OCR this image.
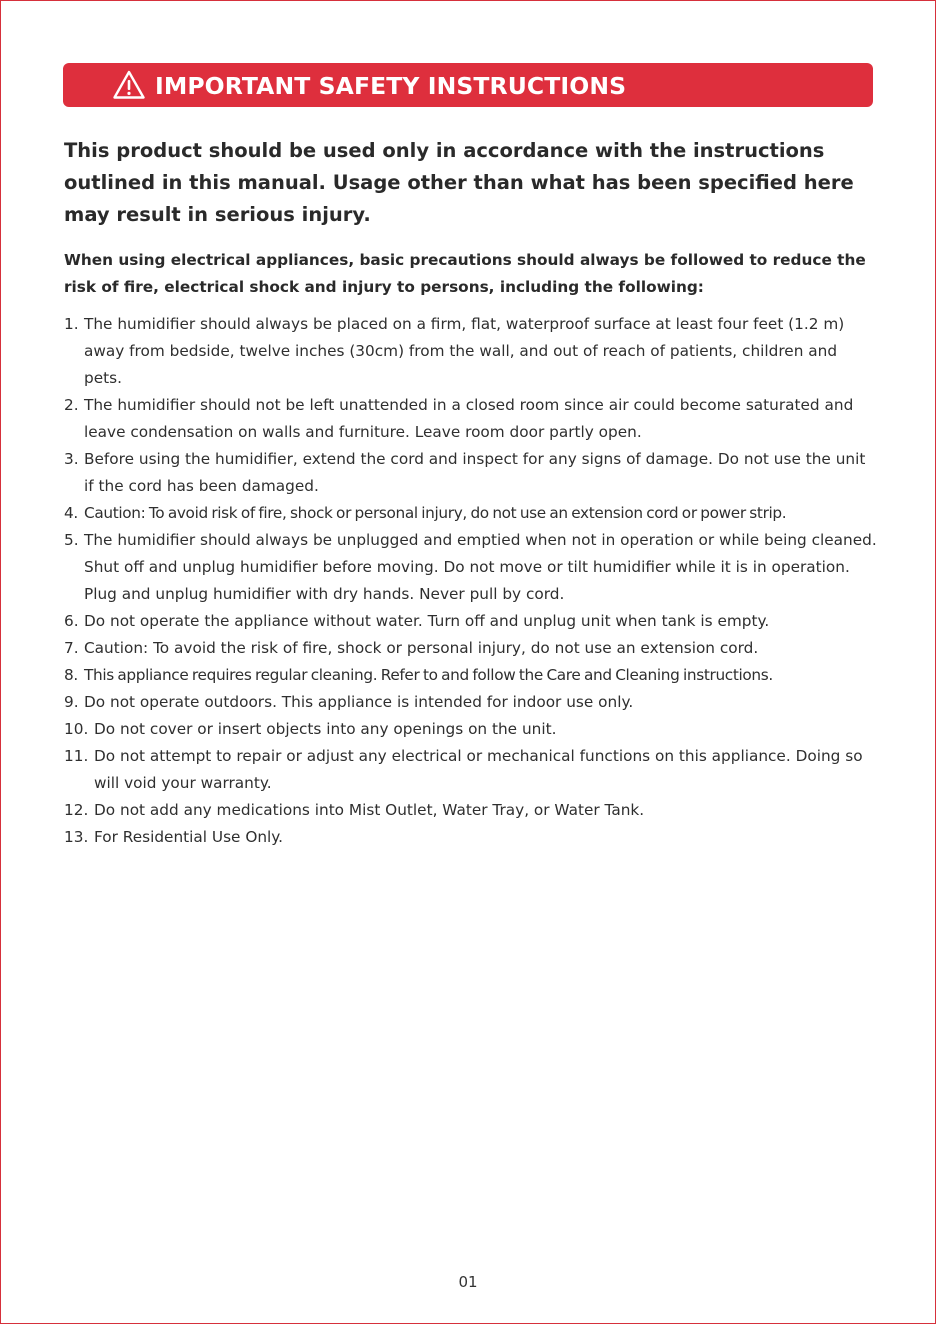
IMPORTANT SAFETY INSTRUCTIONS

This product should be used only in accordance with the instructions outlined in this manual. Usage other than what has been specified here may result in serious injury.

When using electrical appliances, basic precautions should always be followed to reduce the risk of fire, electrical shock and injury to persons, including the following:

1. The humidifier should always be placed on a firm, flat, waterproof surface at least four feet (1.2 m) away from bedside, twelve inches (30cm) from the wall, and out of reach of patients, children and pets.
2. The humidifier should not be left unattended in a closed room since air could become saturated and leave condensation on walls and furniture. Leave room door partly open.
3. Before using the humidifier, extend the cord and inspect for any signs of damage. Do not use the unit if the cord has been damaged.
4. Caution: To avoid risk of fire, shock or personal injury, do not use an extension cord or power strip.
5. The humidifier should always be unplugged and emptied when not in operation or while being cleaned. Shut off and unplug humidifier before moving. Do not move or tilt humidifier while it is in operation. Plug and unplug humidifier with dry hands. Never pull by cord.
6. Do not operate the appliance without water. Turn off and unplug unit when tank is empty.
7. Caution: To avoid the risk of fire, shock or personal injury, do not use an extension cord.
8. This appliance requires regular cleaning. Refer to and follow the Care and Cleaning instructions.
9. Do not operate outdoors. This appliance is intended for indoor use only.
10. Do not cover or insert objects into any openings on the unit.
11. Do not attempt to repair or adjust any electrical or mechanical functions on this appliance. Doing so will void your warranty.
12. Do not add any medications into Mist Outlet, Water Tray, or Water Tank.
13. For Residential Use Only.
01
